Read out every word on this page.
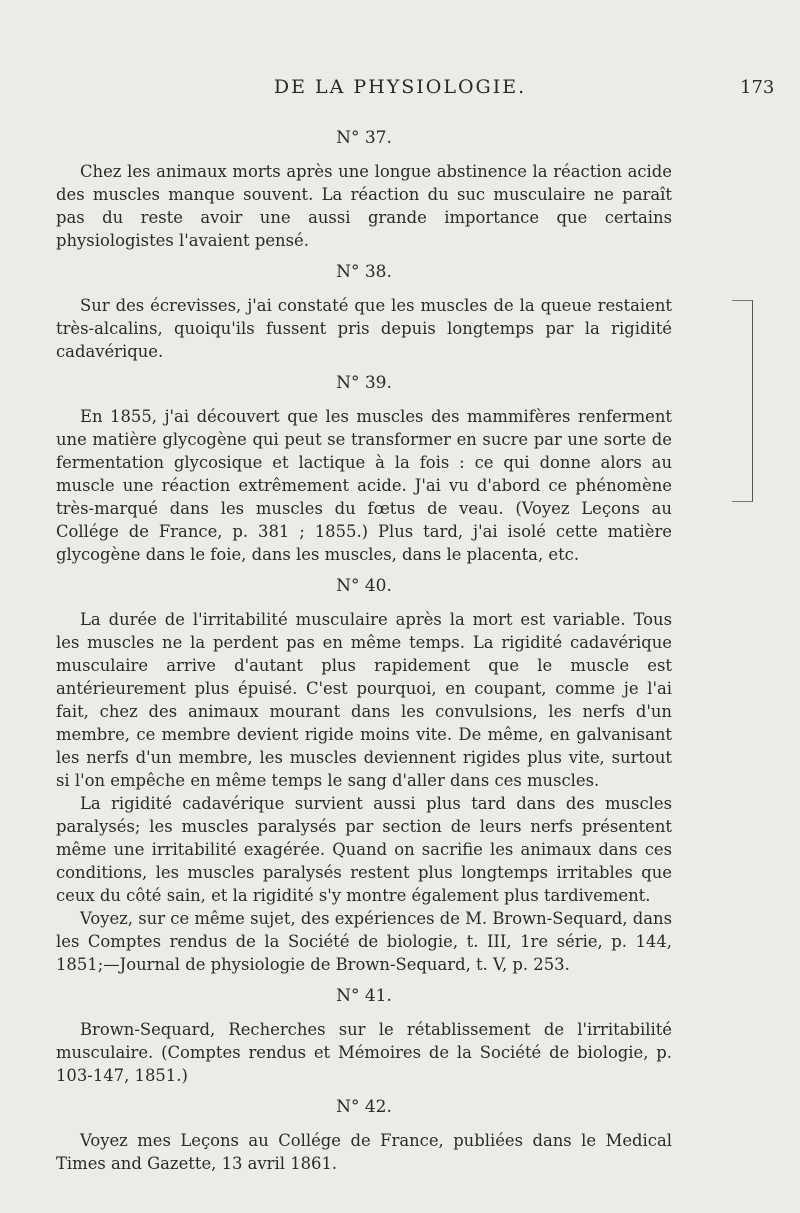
DE LA PHYSIOLOGIE.	173
N° 37.

Chez les animaux morts après une longue abstinence la réaction acide des muscles manque souvent. La réaction du suc musculaire ne paraît pas du reste avoir une aussi grande importance que certains physiologistes l'avaient pensé.

N° 38.

Sur des écrevisses, j'ai constaté que les muscles de la queue restaient très-alcalins, quoiqu'ils fussent pris depuis longtemps par la rigidité cadavérique.

N° 39.

En 1855, j'ai découvert que les muscles des mammifères renferment une matière glycogène qui peut se transformer en sucre par une sorte de fermentation glycosique et lactique à la fois : ce qui donne alors au muscle une réaction extrêmement acide. J'ai vu d'abord ce phénomène très-marqué dans les muscles du fœtus de veau. (Voyez Leçons au Collége de France, p. 381 ; 1855.) Plus tard, j'ai isolé cette matière glycogène dans le foie, dans les muscles, dans le placenta, etc.

N° 40.

La durée de l'irritabilité musculaire après la mort est variable. Tous les muscles ne la perdent pas en même temps. La rigidité cadavérique musculaire arrive d'autant plus rapidement que le muscle est antérieurement plus épuisé. C'est pourquoi, en coupant, comme je l'ai fait, chez des animaux mourant dans les convulsions, les nerfs d'un membre, ce membre devient rigide moins vite. De même, en galvanisant les nerfs d'un membre, les muscles deviennent rigides plus vite, surtout si l'on empêche en même temps le sang d'aller dans ces muscles.

La rigidité cadavérique survient aussi plus tard dans des muscles paralysés; les muscles paralysés par section de leurs nerfs présentent même une irritabilité exagérée. Quand on sacrifie les animaux dans ces conditions, les muscles paralysés restent plus longtemps irritables que ceux du côté sain, et la rigidité s'y montre également plus tardivement.

Voyez, sur ce même sujet, des expériences de M. Brown-Sequard, dans les Comptes rendus de la Société de biologie, t. III, 1re série, p. 144, 1851;—Journal de physiologie de Brown-Sequard, t. V, p. 253.

N° 41.

Brown-Sequard, Recherches sur le rétablissement de l'irritabilité musculaire. (Comptes rendus et Mémoires de la Société de biologie, p. 103-147, 1851.)

N° 42.

Voyez mes Leçons au Collége de France, publiées dans le Medical Times and Gazette, 13 avril 1861.
